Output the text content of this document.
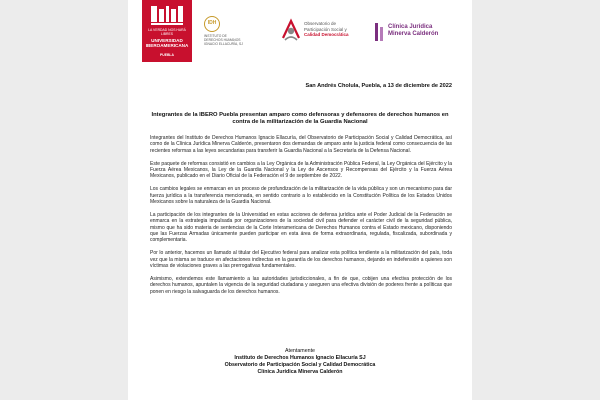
LA VERDAD NOS HARÁ LIBRES
UNIVERSIDAD
IBEROAMERICANA
PUEBLA
IDH
INSTITUTO DE
DERECHOS HUMANOS
IGNACIO ELLACURÍA, SJ
Observatorio de
Participación Social y
Calidad Democrática
Clínica Jurídica
Minerva Calderón
San Andrés Cholula, Puebla, a 13 de diciembre de 2022
Integrantes de la IBERO Puebla presentan amparo como defensoras y defensores de derechos humanos en contra de la militarización de la Guardia Nacional

Integrantes del Instituto de Derechos Humanos Ignacio Ellacuría, del Observatorio de Participación Social y Calidad Democrática, así como de la Clínica Jurídica Minerva Calderón, presentaron dos demandas de amparo ante la justicia federal como consecuencia de las recientes reformas a las leyes secundarias para transferir la Guardia Nacional a la Secretaría de la Defensa Nacional.

Este paquete de reformas consistió en cambios a la Ley Orgánica de la Administración Pública Federal, la Ley Orgánica del Ejército y la Fuerza Aérea Mexicanos, la Ley de la Guardia Nacional y la Ley de Ascensos y Recompensas del Ejército y la Fuerza Aérea Mexicanos, publicado en el Diario Oficial de la Federación el 9 de septiembre de 2022.

Los cambios legales se enmarcan en un proceso de profundización de la militarización de la vida pública y son un mecanismo para dar fuerza jurídica a la transferencia mencionada, en sentido contrario a lo establecido en la Constitución Política de los Estados Unidos Mexicanos sobre la naturaleza de la Guardia Nacional.

La participación de los integrantes de la Universidad en estas acciones de defensa jurídica ante el Poder Judicial de la Federación se enmarca en la estrategia impulsada por organizaciones de la sociedad civil para defender el carácter civil de la seguridad pública, mismo que ha sido materia de sentencias de la Corte Interamericana de Derechos Humanos contra el Estado mexicano, disponiendo que las Fuerzas Armadas únicamente pueden participar en esta área de forma extraordinaria, regulada, fiscalizada, subordinada y complementaria.

Por lo anterior, hacemos un llamado al titular del Ejecutivo federal para analizar esta política tendiente a la militarización del país, toda vez que la misma se traduce en afectaciones indirectas en la garantía de los derechos humanos, dejando en indefensión a quienes son víctimas de violaciones graves a las prerrogativas fundamentales.

Asimismo, extendemos este llamamiento a las autoridades jurisdiccionales, a fin de que, cobijen una efectiva protección de los derechos humanos, apuntalen la vigencia de la seguridad ciudadana y aseguren una efectiva división de poderes frente a políticas que ponen en riesgo la salvaguarda de los derechos humanos.

Atentamente
Instituto de Derechos Humanos Ignacio Ellacuría SJ
Observatorio de Participación Social y Calidad Democrática
Clínica Jurídica Minerva Calderón
